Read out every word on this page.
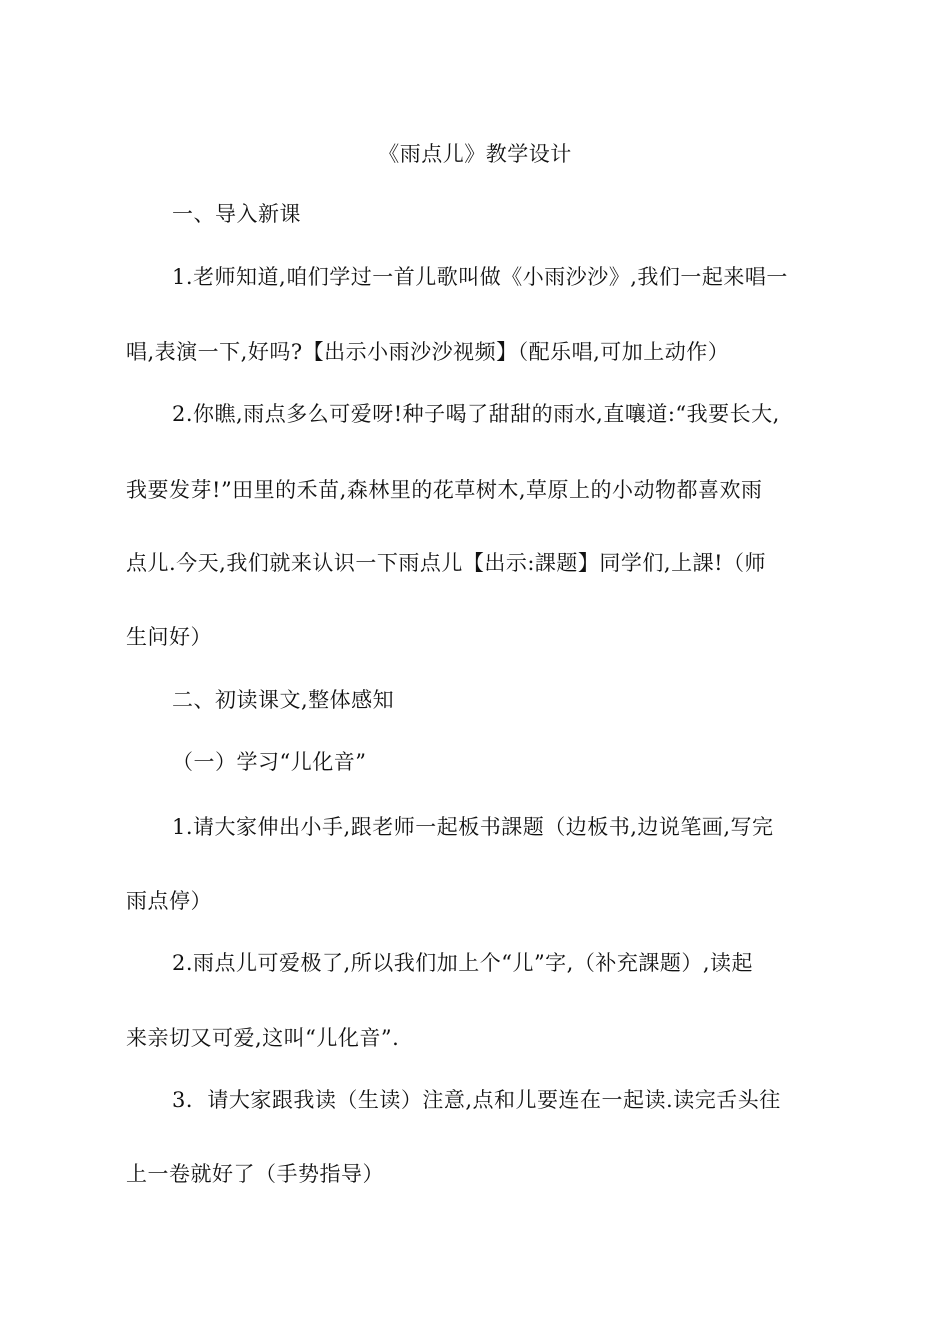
《雨点儿》教学设计
一、导入新课
1.老师知道,咱们学过一首儿歌叫做《小雨沙沙》,我们一起来唱一
唱,表演一下,好吗?【出示小雨沙沙视频】（配乐唱,可加上动作）
2.你瞧,雨点多么可爱呀!种子喝了甜甜的雨水,直嚷道:“我要长大,
我要发芽!”田里的禾苗,森林里的花草树木,草原上的小动物都喜欢雨
点儿.今天,我们就来认识一下雨点儿【出示:課题】同学们,上課!（师
生问好）
二、初读课文,整体感知
（一）学习“儿化音”
1.请大家伸出小手,跟老师一起板书課题（边板书,边说笔画,写完
雨点停）
2.雨点儿可爱极了,所以我们加上个“儿”字,（补充課题）,读起
来亲切又可爱,这叫“儿化音”.
3．请大家跟我读（生读）注意,点和儿要连在一起读.读完舌头往
上一卷就好了（手势指导）
